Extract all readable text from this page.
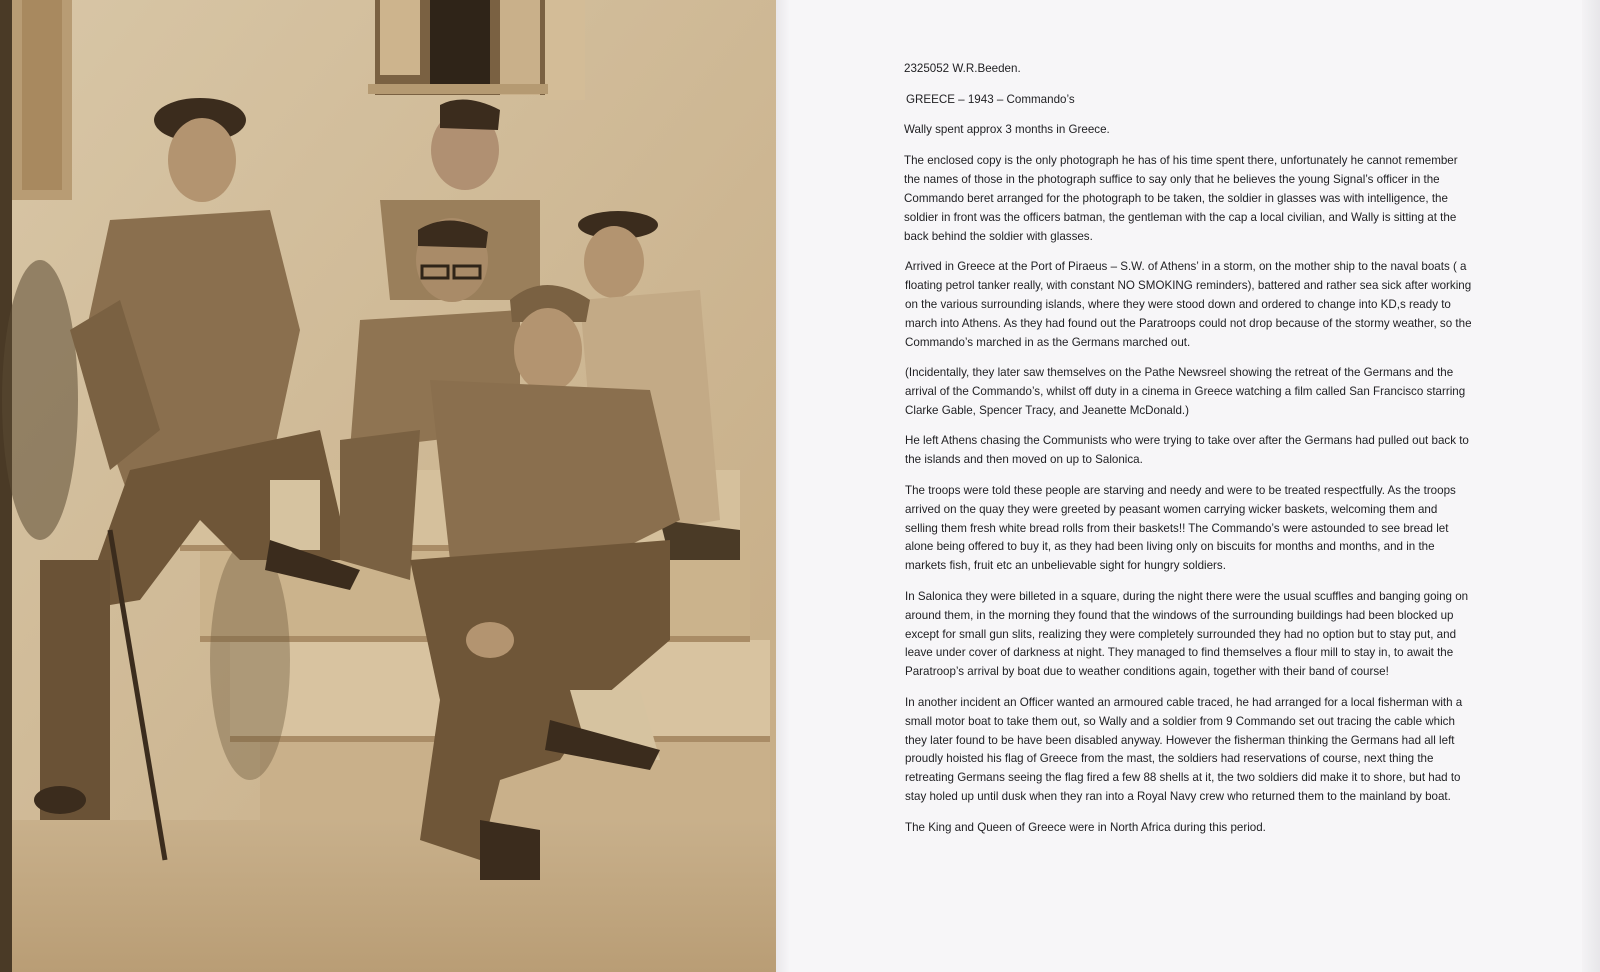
2325052 W.R.Beeden.

GREECE – 1943 – Commando’s

Wally spent approx 3 months in Greece.

The enclosed copy is the only photograph he has of his time spent there, unfortunately he cannot remember the names of those in the photograph suffice to say only that he believes the young Signal’s officer in the Commando beret arranged for the photograph to be taken, the soldier in glasses was with intelligence, the soldier in front was the officers batman, the gentleman with the cap a local civilian, and Wally is sitting at the back behind the soldier with glasses.

Arrived in Greece at the Port of Piraeus – S.W. of Athens’ in a storm, on the mother ship to the naval boats ( a floating petrol tanker really, with constant NO SMOKING reminders), battered and rather sea sick after working on the various surrounding islands, where they were stood down and ordered to change into KD,s ready to march into Athens. As they had found out the Paratroops could not drop because of the stormy weather, so the Commando’s marched in as the Germans marched out.

(Incidentally, they later saw themselves on the Pathe Newsreel showing the retreat of the Germans and the arrival of the Commando’s, whilst off duty in a cinema in Greece watching a film called San Francisco starring Clarke Gable, Spencer Tracy, and Jeanette McDonald.)

He left Athens chasing the Communists who were trying to take over after the Germans had pulled out back to the islands and then moved on up to Salonica.

The troops were told these people are starving and needy and were to be treated respectfully. As the troops arrived on the quay they were greeted by peasant women carrying wicker baskets, welcoming them and selling them fresh white bread rolls from their baskets!! The Commando’s were astounded to see bread let alone being offered to buy it, as they had been living only on biscuits for months and months, and in the markets fish, fruit etc an unbelievable sight for hungry soldiers.

In Salonica they were billeted in a square, during the night there were the usual scuffles and banging going on around them, in the morning they found that the windows of the surrounding buildings had been blocked up except for small gun slits, realizing they were completely surrounded they had no option but to stay put, and leave under cover of darkness at night. They managed to find themselves a flour mill to stay in, to await the Paratroop’s arrival by boat due to weather conditions again, together with their band of course!

In another incident an Officer wanted an armoured cable traced, he had arranged for a local fisherman with a small motor boat to take them out, so Wally and a soldier from 9 Commando set out tracing the cable which they later found to be have been disabled anyway. However the fisherman thinking the Germans had all left proudly hoisted his flag of Greece from the mast, the soldiers had reservations of course, next thing the retreating Germans seeing the flag fired a few 88 shells at it, the two soldiers did make it to shore, but had to stay holed up until dusk when they ran into a Royal Navy crew who returned them to the mainland by boat.

The King and Queen of Greece were in North Africa during this period.
